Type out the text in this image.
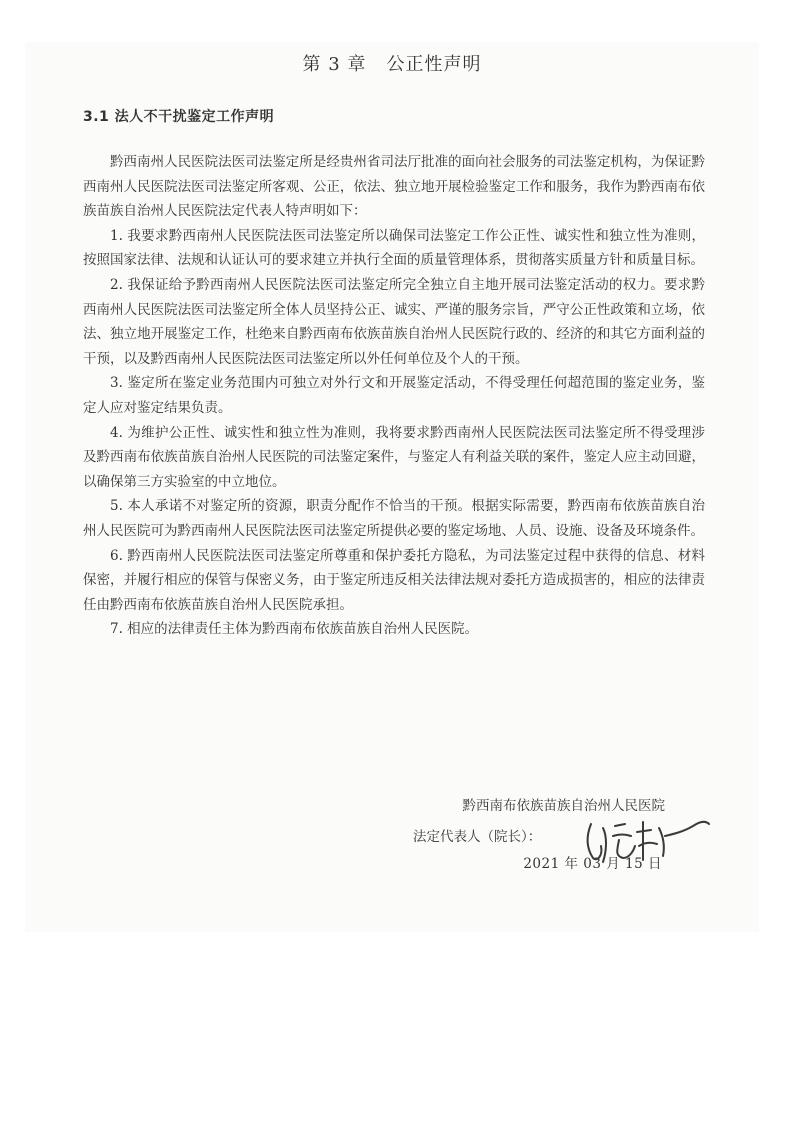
第 3 章   公正性声明
3.1 法人不干扰鉴定工作声明

黔西南州人民医院法医司法鉴定所是经贵州省司法厅批准的面向社会服务的司法鉴定机构，为保证黔西南州人民医院法医司法鉴定所客观、公正，依法、独立地开展检验鉴定工作和服务，我作为黔西南布依族苗族自治州人民医院法定代表人特声明如下：

1. 我要求黔西南州人民医院法医司法鉴定所以确保司法鉴定工作公正性、诚实性和独立性为准则，按照国家法律、法规和认证认可的要求建立并执行全面的质量管理体系，贯彻落实质量方针和质量目标。

2. 我保证给予黔西南州人民医院法医司法鉴定所完全独立自主地开展司法鉴定活动的权力。要求黔西南州人民医院法医司法鉴定所全体人员坚持公正、诚实、严谨的服务宗旨，严守公正性政策和立场，依法、独立地开展鉴定工作，杜绝来自黔西南布依族苗族自治州人民医院行政的、经济的和其它方面利益的干预，以及黔西南州人民医院法医司法鉴定所以外任何单位及个人的干预。

3. 鉴定所在鉴定业务范围内可独立对外行文和开展鉴定活动，不得受理任何超范围的鉴定业务，鉴定人应对鉴定结果负责。

4. 为维护公正性、诚实性和独立性为准则，我将要求黔西南州人民医院法医司法鉴定所不得受理涉及黔西南布依族苗族自治州人民医院的司法鉴定案件，与鉴定人有利益关联的案件，鉴定人应主动回避，以确保第三方实验室的中立地位。

5. 本人承诺不对鉴定所的资源，职责分配作不恰当的干预。根据实际需要，黔西南布依族苗族自治州人民医院可为黔西南州人民医院法医司法鉴定所提供必要的鉴定场地、人员、设施、设备及环境条件。

6. 黔西南州人民医院法医司法鉴定所尊重和保护委托方隐私，为司法鉴定过程中获得的信息、材料保密，并履行相应的保管与保密义务，由于鉴定所违反相关法律法规对委托方造成损害的，相应的法律责任由黔西南布依族苗族自治州人民医院承担。

7. 相应的法律责任主体为黔西南布依族苗族自治州人民医院。

黔西南布依族苗族自治州人民医院
法定代表人（院长）：
2021 年 03 月 15 日
